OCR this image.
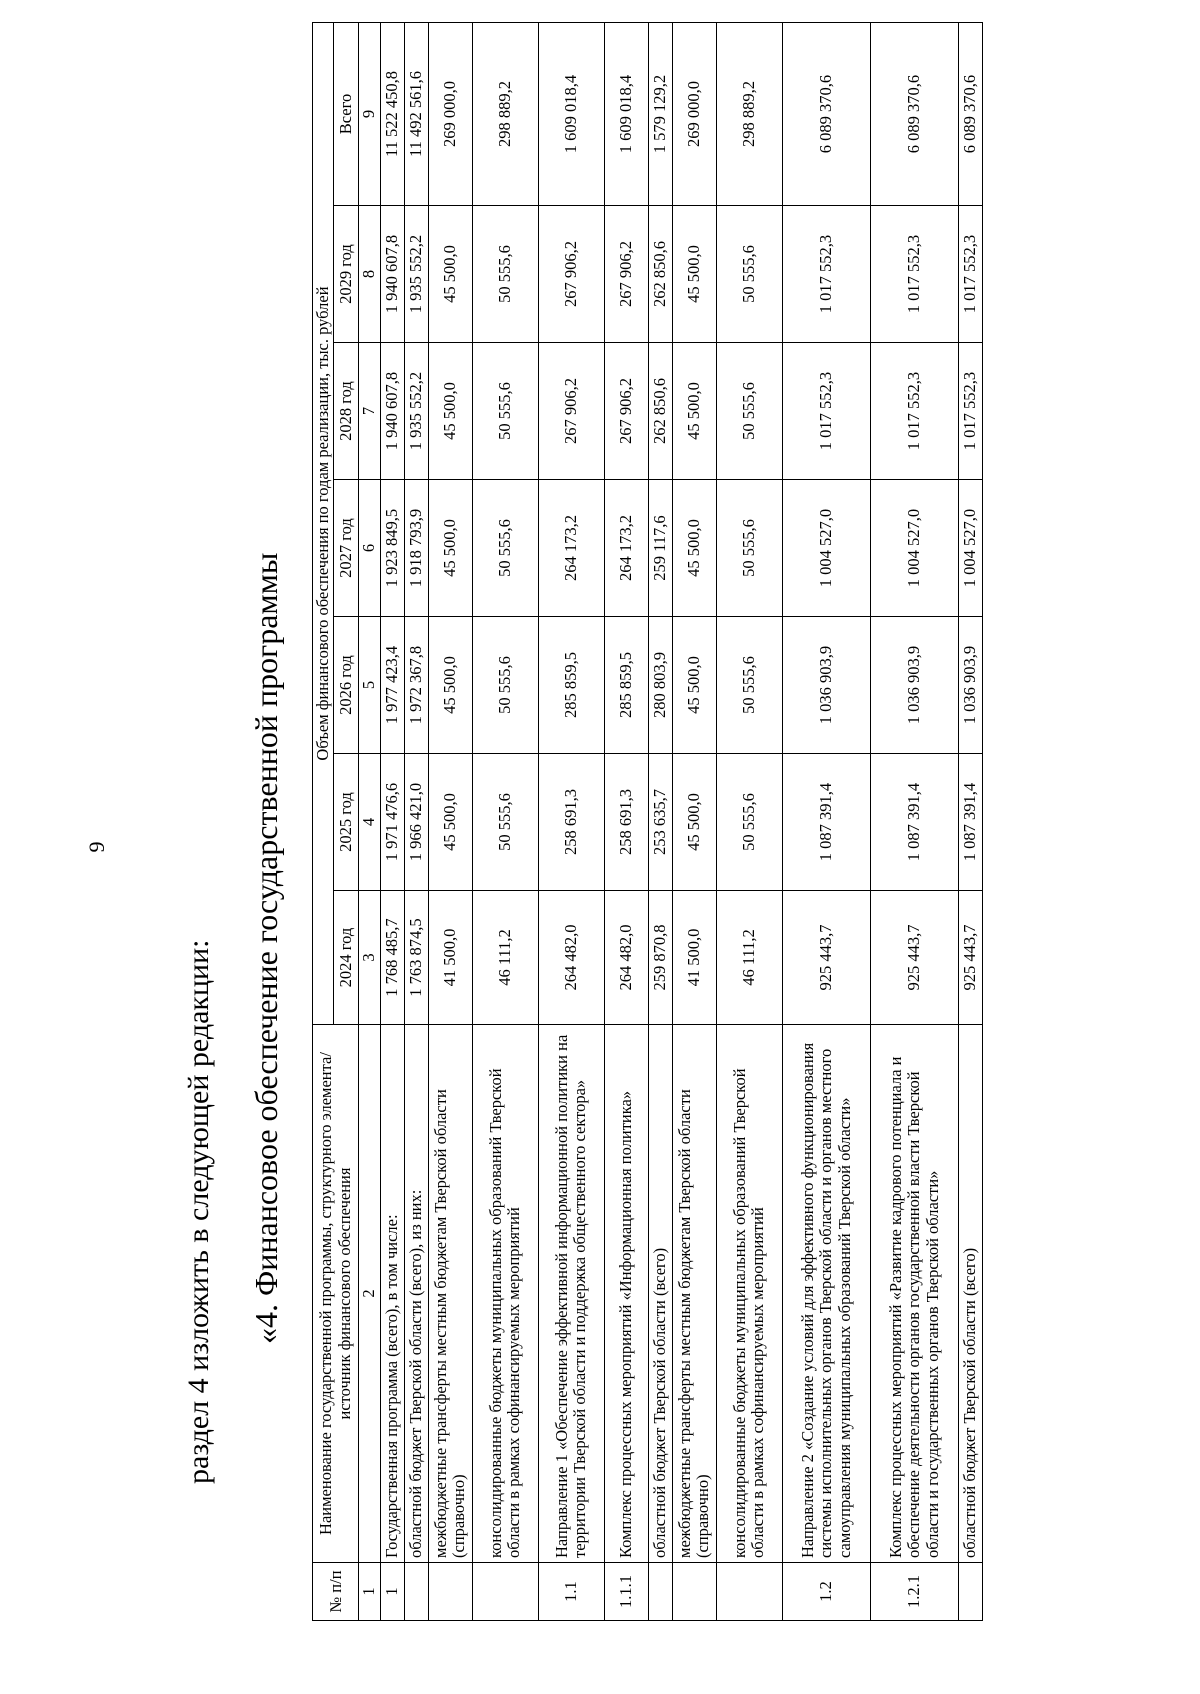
9
раздел 4 изложить в следующей редакции: «4. Финансовое обеспечение государственной программы
№ п/п	Наименование государственной программы, структурного элемента/источник финансового обеспечения	Объем финансового обеспечения по годам реализации, тыс. рублей						
		2024 год	2025 год	2026 год	2027 год	2028 год	2029 год	Всего
1	2	3	4	5	6	7	8	9
1	Государственная программа (всего), в том числе:	1 768 485,7	1 971 476,6	1 977 423,4	1 923 849,5	1 940 607,8	1 940 607,8	11 522 450,8
	областной бюджет Тверской области (всего), из них:	1 763 874,5	1 966 421,0	1 972 367,8	1 918 793,9	1 935 552,2	1 935 552,2	11 492 561,6
	межбюджетные трансферты местным бюджетам Тверской области (справочно)	41 500,0	45 500,0	45 500,0	45 500,0	45 500,0	45 500,0	269 000,0
	консолидированные бюджеты муниципальных образований Тверской области в рамках софинансируемых мероприятий	46 111,2	50 555,6	50 555,6	50 555,6	50 555,6	50 555,6	298 889,2
1.1	Направление 1 «Обеспечение эффективной информационной политики на территории Тверской области и поддержка общественного сектора»	264 482,0	258 691,3	285 859,5	264 173,2	267 906,2	267 906,2	1 609 018,4
1.1.1	Комплекс процессных мероприятий «Информационная политика»	264 482,0	258 691,3	285 859,5	264 173,2	267 906,2	267 906,2	1 609 018,4
	областной бюджет Тверской области (всего)	259 870,8	253 635,7	280 803,9	259 117,6	262 850,6	262 850,6	1 579 129,2
	межбюджетные трансферты местным бюджетам Тверской области (справочно)	41 500,0	45 500,0	45 500,0	45 500,0	45 500,0	45 500,0	269 000,0
	консолидированные бюджеты муниципальных образований Тверской области в рамках софинансируемых мероприятий	46 111,2	50 555,6	50 555,6	50 555,6	50 555,6	50 555,6	298 889,2
1.2	Направление 2 «Создание условий для эффективного функционирования системы исполнительных органов Тверской области и органов местного самоуправления муниципальных образований Тверской области»	925 443,7	1 087 391,4	1 036 903,9	1 004 527,0	1 017 552,3	1 017 552,3	6 089 370,6
1.2.1	Комплекс процессных мероприятий «Развитие кадрового потенциала и обеспечение деятельности органов государственной власти Тверской области и государственных органов Тверской области»	925 443,7	1 087 391,4	1 036 903,9	1 004 527,0	1 017 552,3	1 017 552,3	6 089 370,6
	областной бюджет Тверской области (всего)	925 443,7	1 087 391,4	1 036 903,9	1 004 527,0	1 017 552,3	1 017 552,3	6 089 370,6
